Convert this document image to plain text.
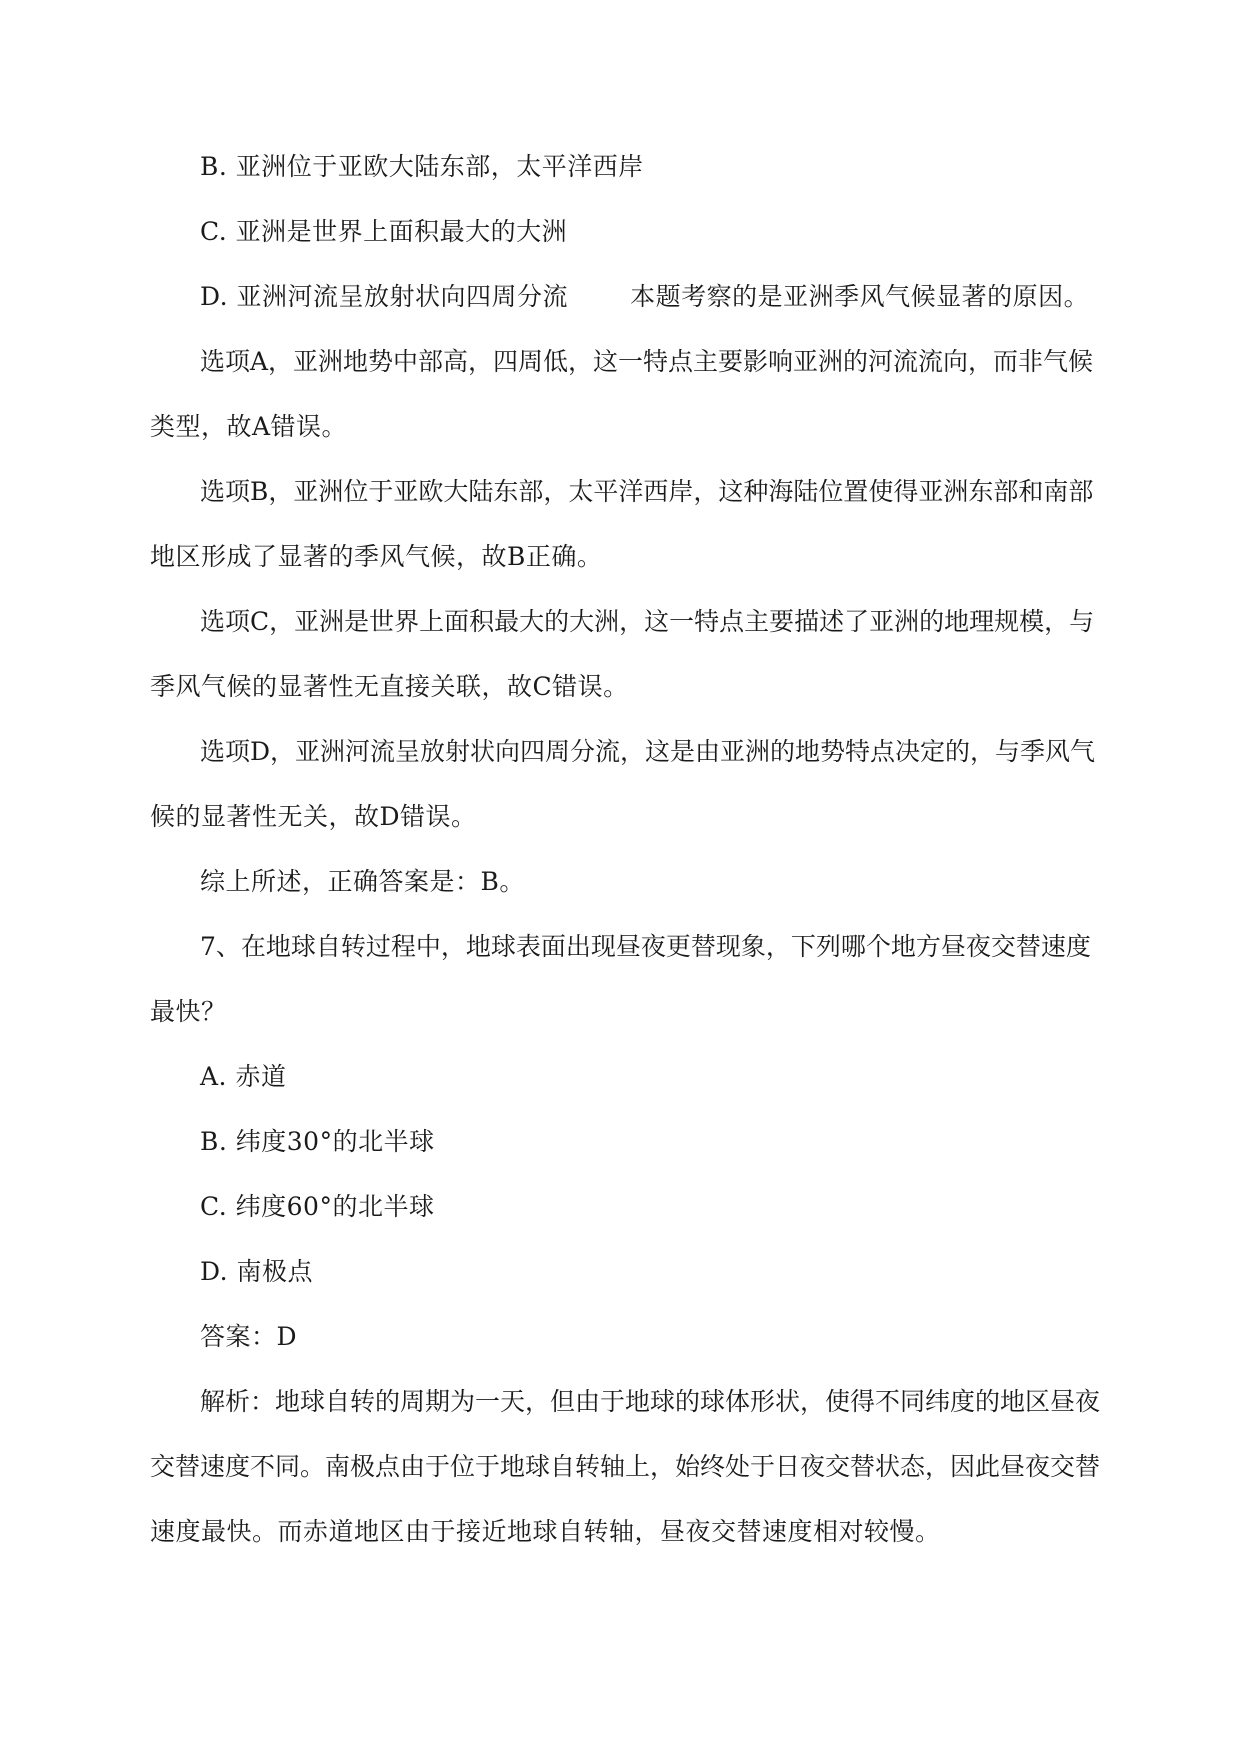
B. 亚洲位于亚欧大陆东部，太平洋西岸
C. 亚洲是世界上面积最大的大洲
D. 亚洲河流呈放射状向四周分流 本题考察的是亚洲季风气候显著的原因。
选项A，亚洲地势中部高，四周低，这一特点主要影响亚洲的河流流向，而非气候
类型，故A错误。
选项B，亚洲位于亚欧大陆东部，太平洋西岸，这种海陆位置使得亚洲东部和南部
地区形成了显著的季风气候，故B正确。
选项C，亚洲是世界上面积最大的大洲，这一特点主要描述了亚洲的地理规模，与
季风气候的显著性无直接关联，故C错误。
选项D，亚洲河流呈放射状向四周分流，这是由亚洲的地势特点决定的，与季风气
候的显著性无关，故D错误。
综上所述，正确答案是：B。
7、在地球自转过程中，地球表面出现昼夜更替现象，下列哪个地方昼夜交替速度
最快？
A. 赤道
B. 纬度30°的北半球
C. 纬度60°的北半球
D. 南极点
答案：D
解析：地球自转的周期为一天，但由于地球的球体形状，使得不同纬度的地区昼夜
交替速度不同。南极点由于位于地球自转轴上，始终处于日夜交替状态，因此昼夜交替
速度最快。而赤道地区由于接近地球自转轴，昼夜交替速度相对较慢。
